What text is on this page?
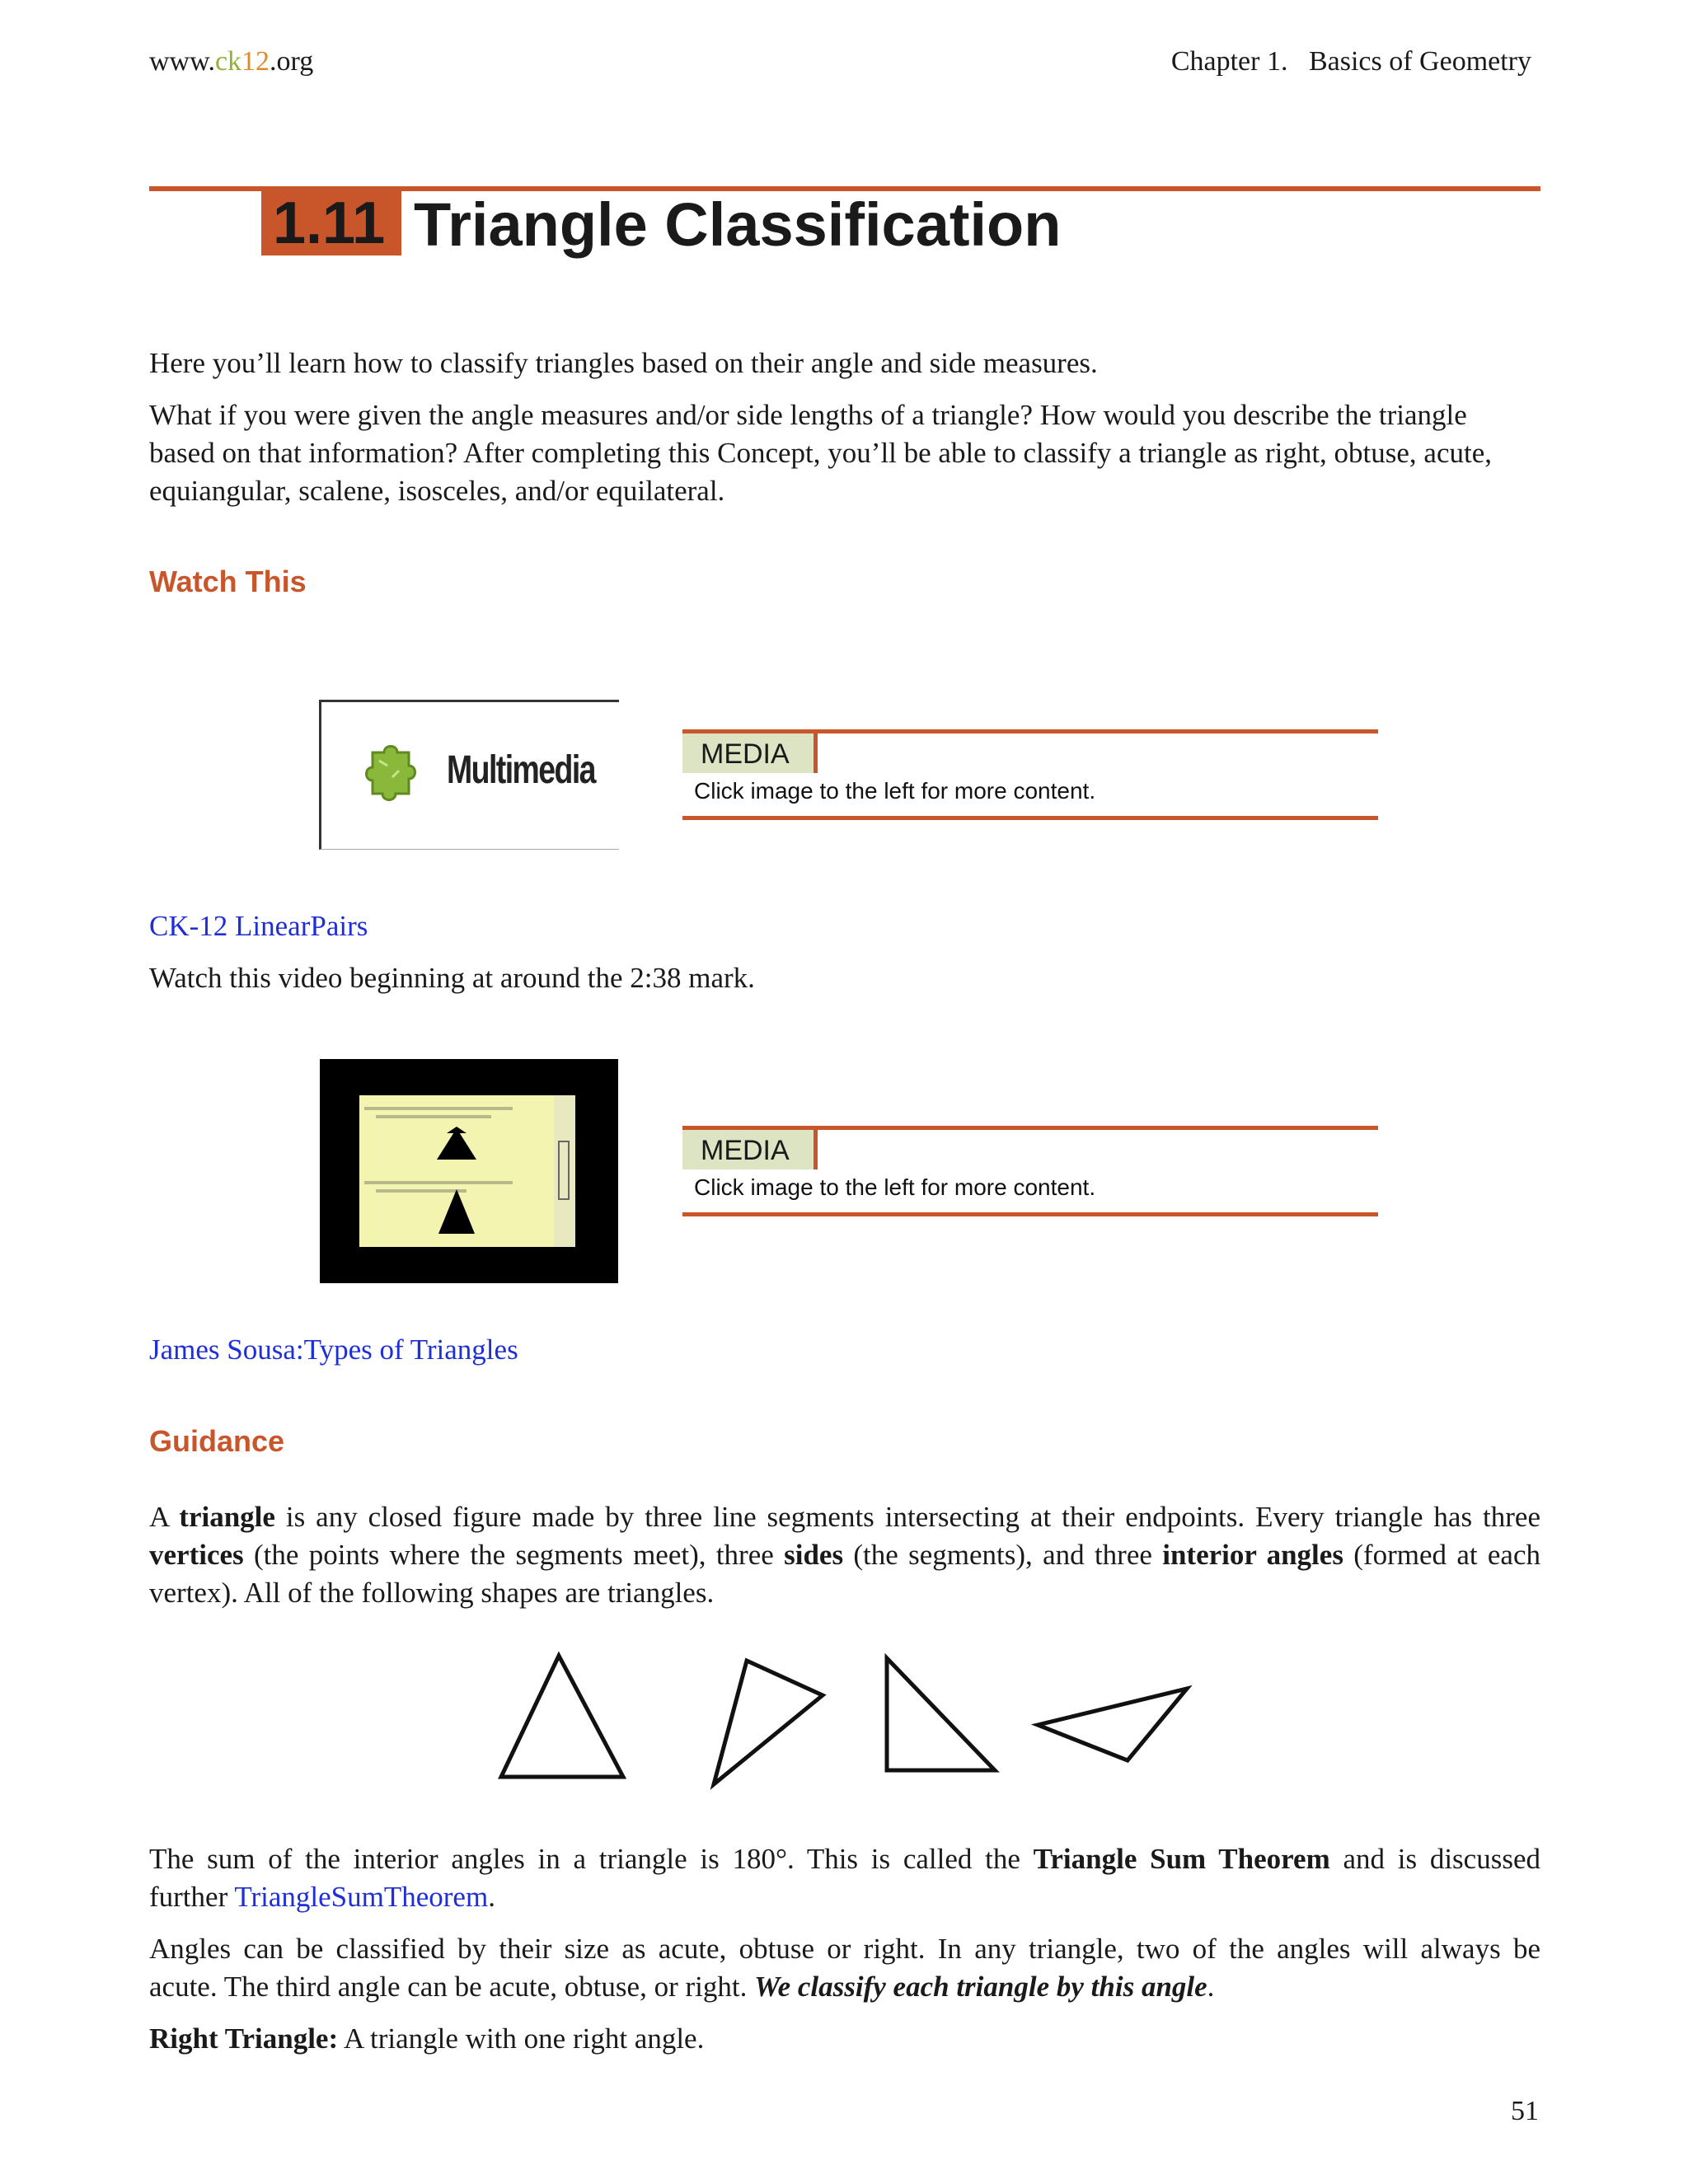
www.ck12.org	Chapter 1. Basics of Geometry
1.11 Triangle Classification
Here you’ll learn how to classify triangles based on their angle and side measures.
What if you were given the angle measures and/or side lengths of a triangle? How would you describe the triangle
based on that information? After completing this Concept, you’ll be able to classify a triangle as right, obtuse, acute,
equiangular, scalene, isosceles, and/or equilateral.
Watch This
Multimedia	MEDIA
Click image to the left for more content.
CK-12 LinearPairs
Watch this video beginning at around the 2:38 mark.
MEDIA
Click image to the left for more content.
James Sousa:Types of Triangles
Guidance
A triangle is any closed figure made by three line segments intersecting at their endpoints. Every triangle has three
vertices (the points where the segments meet), three sides (the segments), and three interior angles (formed at each
vertex). All of the following shapes are triangles.
The sum of the interior angles in a triangle is 180°. This is called the Triangle Sum Theorem and is discussed
further TriangleSumTheorem.
Angles can be classified by their size as acute, obtuse or right. In any triangle, two of the angles will always be
acute. The third angle can be acute, obtuse, or right. We classify each triangle by this angle.
Right Triangle: A triangle with one right angle.
51
